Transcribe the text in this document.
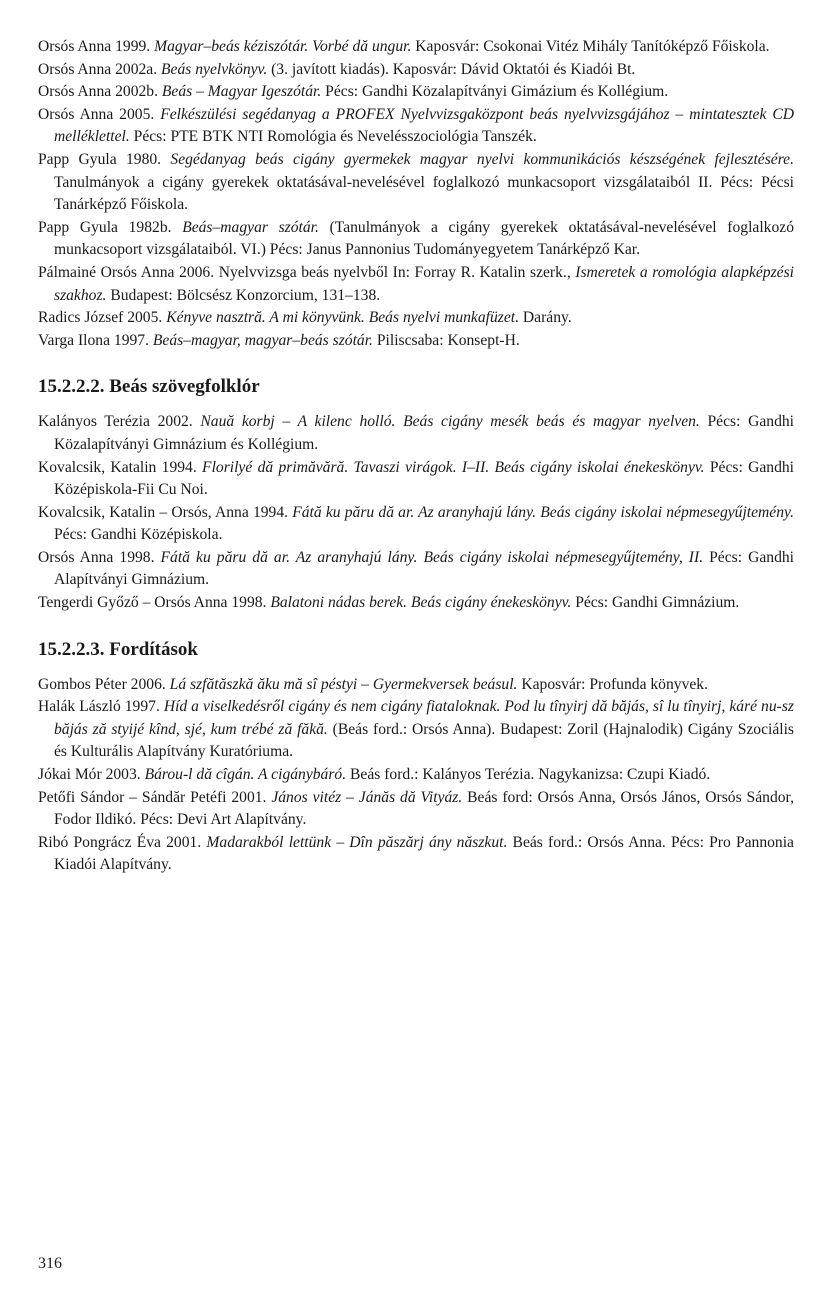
Orsós Anna 1999. Magyar–beás kéziszótár. Vorbé dă ungur. Kaposvár: Csokonai Vitéz Mihály Tanítóképző Főiskola.

Orsós Anna 2002a. Beás nyelvkönyv. (3. javított kiadás). Kaposvár: Dávid Oktatói és Kiadói Bt.

Orsós Anna 2002b. Beás – Magyar Igeszótár. Pécs: Gandhi Közalapítványi Gimázium és Kollégium.

Orsós Anna 2005. Felkészülési segédanyag a PROFEX Nyelvvizsgaközpont beás nyelvvizsgájához – mintatesztek CD melléklettel. Pécs: PTE BTK NTI Romológia és Nevelésszociológia Tanszék.

Papp Gyula 1980. Segédanyag beás cigány gyermekek magyar nyelvi kommunikációs készségének fejlesztésére. Tanulmányok a cigány gyerekek oktatásával-nevelésével foglalkozó munkacsoport vizsgálataiból II. Pécs: Pécsi Tanárképző Főiskola.

Papp Gyula 1982b. Beás–magyar szótár. (Tanulmányok a cigány gyerekek oktatásával-nevelésével foglalkozó munkacsoport vizsgálataiból. VI.) Pécs: Janus Pannonius Tudományegyetem Tanárképző Kar.

Pálmainé Orsós Anna 2006. Nyelvvizsga beás nyelvből In: Forray R. Katalin szerk., Ismeretek a romológia alapképzési szakhoz. Budapest: Bölcsész Konzorcium, 131–138.

Radics József 2005. Kényve nasztră. A mi könyvünk. Beás nyelvi munkafüzet. Darány.

Varga Ilona 1997. Beás–magyar, magyar–beás szótár. Piliscsaba: Konsept-H.

15.2.2.2. Beás szövegfolklór

Kalányos Terézia 2002. Nauă korbj – A kilenc holló. Beás cigány mesék beás és magyar nyelven. Pécs: Gandhi Közalapítványi Gimnázium és Kollégium.

Kovalcsik, Katalin 1994. Florilyé dă primăvără. Tavaszi virágok. I–II. Beás cigány iskolai énekeskönyv. Pécs: Gandhi Középiskola-Fii Cu Noi.

Kovalcsik, Katalin – Orsós, Anna 1994. Fátă ku păru dă ar. Az aranyhajú lány. Beás cigány iskolai népmesegyűjtemény. Pécs: Gandhi Középiskola.

Orsós Anna 1998. Fátă ku păru dă ar. Az aranyhajú lány. Beás cigány iskolai népmesegyűjtemény, II. Pécs: Gandhi Alapítványi Gimnázium.

Tengerdi Győző – Orsós Anna 1998. Balatoni nádas berek. Beás cigány énekeskönyv. Pécs: Gandhi Gimnázium.

15.2.2.3. Fordítások

Gombos Péter 2006. Lá szfătăszkă ăku mă sî péstyi – Gyermekversek beásul. Kaposvár: Profunda könyvek.

Halák László 1997. Híd a viselkedésről cigány és nem cigány fiataloknak. Pod lu tînyirj dă băjás, sî lu tînyirj, káré nu-sz băjás ză styijé kînd, sjé, kum trébé ză făkă. (Beás ford.: Orsós Anna). Budapest: Zoril (Hajnalodik) Cigány Szociális és Kulturális Alapítvány Kuratóriuma.

Jókai Mór 2003. Bárou-l dă cîgán. A cigánybáró. Beás ford.: Kalányos Terézia. Nagykanizsa: Czupi Kiadó.

Petőfi Sándor – Sándăr Petéfi 2001. János vitéz – Jánăs dă Vityáz. Beás ford: Orsós Anna, Orsós János, Orsós Sándor, Fodor Ildikó. Pécs: Devi Art Alapítvány.

Ribó Pongrácz Éva 2001. Madarakból lettünk – Dîn păszărj ány năszkut. Beás ford.: Orsós Anna. Pécs: Pro Pannonia Kiadói Alapítvány.

316
